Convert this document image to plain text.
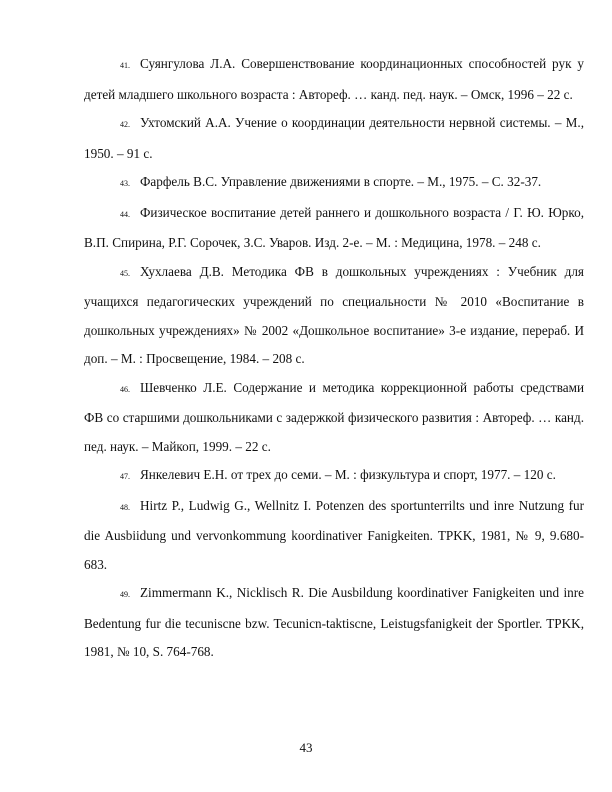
41. Суянгулова Л.А. Совершенствование координационных способностей рук у детей младшего школьного возраста : Автореф. … канд. пед. наук. – Омск, 1996 – 22 с.

42. Ухтомский А.А. Учение о координации деятельности нервной системы. – М., 1950. – 91 с.

43. Фарфель В.С. Управление движениями в спорте. – М., 1975. – С. 32-37.

44. Физическое воспитание детей раннего и дошкольного возраста / Г. Ю. Юрко, В.П. Спирина, Р.Г. Сорочек, З.С. Уваров. Изд. 2-е. – М. : Медицина, 1978. – 248 с.

45. Хухлаева Д.В. Методика ФВ в дошкольных учреждениях : Учебник для учащихся педагогических учреждений по специальности № 2010 «Воспитание в дошкольных учреждениях» № 2002 «Дошкольное воспитание» 3-е издание, перераб. И доп. – М. : Просвещение, 1984. – 208 с.

46. Шевченко Л.Е. Содержание и методика коррекционной работы средствами ФВ со старшими дошкольниками с задержкой физического развития : Автореф. … канд. пед. наук. – Майкоп, 1999. – 22 с.

47. Янкелевич Е.Н. от трех до семи. – М. : физкультура и спорт, 1977. – 120 с.

48. Hirtz P., Ludwig G., Wellnitz I. Potenzen des sportunterrilts und inre Nutzung fur die Ausbiidung und vervonkommung koordinativer Fanigkeiten. TPKK, 1981, № 9, 9.680-683.

49. Zimmermann K., Nicklisch R. Die Ausbildung koordinativer Fanigkeiten und inre Bedentung fur die tecuniscne bzw. Tecunicn-taktiscne, Leistugsfanigkeit der Sportler. TPKK, 1981, № 10, S. 764-768.

43
